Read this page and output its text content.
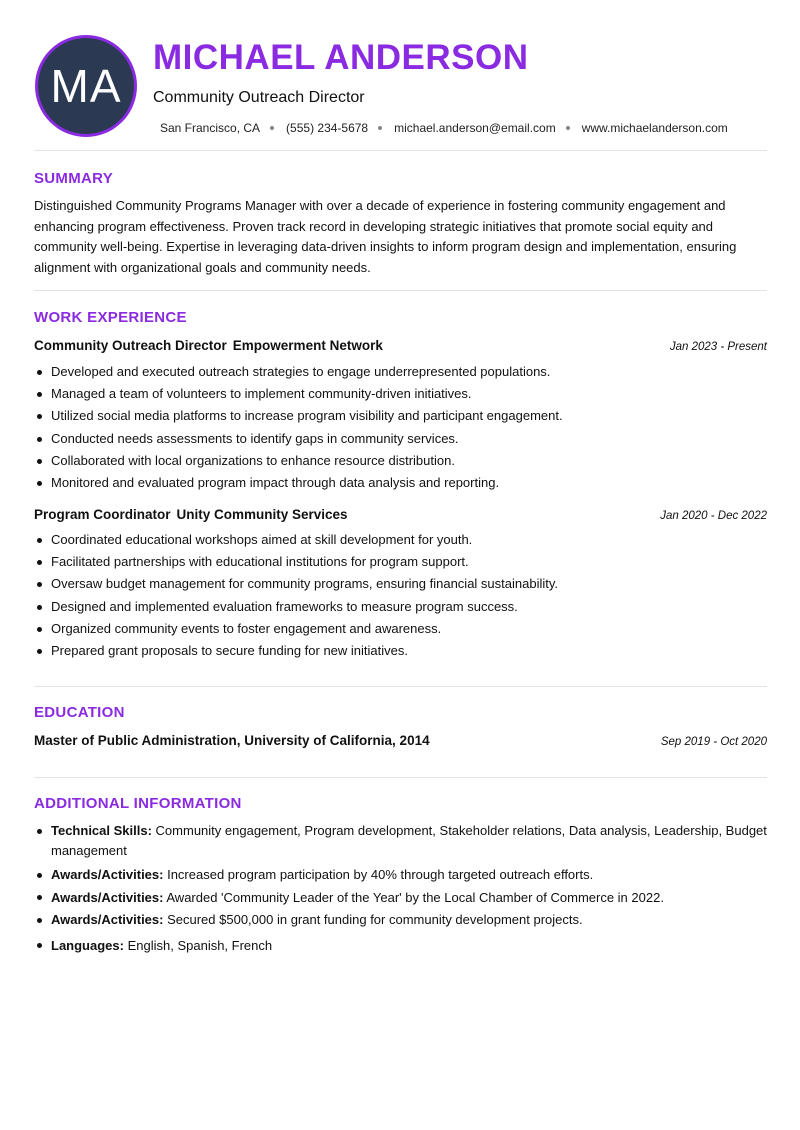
MA
MICHAEL ANDERSON
Community Outreach Director
San Francisco, CA (555) 234-5678 michael.anderson@email.com www.michaelanderson.com
SUMMARY
Distinguished Community Programs Manager with over a decade of experience in fostering community engagement and enhancing program effectiveness. Proven track record in developing strategic initiatives that promote social equity and community well-being. Expertise in leveraging data-driven insights to inform program design and implementation, ensuring alignment with organizational goals and community needs.
WORK EXPERIENCE
Community Outreach Director Empowerment Network	Jan 2023 - Present
Developed and executed outreach strategies to engage underrepresented populations.
Managed a team of volunteers to implement community-driven initiatives.
Utilized social media platforms to increase program visibility and participant engagement.
Conducted needs assessments to identify gaps in community services.
Collaborated with local organizations to enhance resource distribution.
Monitored and evaluated program impact through data analysis and reporting.
Program Coordinator Unity Community Services	Jan 2020 - Dec 2022
Coordinated educational workshops aimed at skill development for youth.
Facilitated partnerships with educational institutions for program support.
Oversaw budget management for community programs, ensuring financial sustainability.
Designed and implemented evaluation frameworks to measure program success.
Organized community events to foster engagement and awareness.
Prepared grant proposals to secure funding for new initiatives.
EDUCATION
Master of Public Administration, University of California, 2014	Sep 2019 - Oct 2020
ADDITIONAL INFORMATION
Technical Skills: Community engagement, Program development, Stakeholder relations, Data analysis, Leadership, Budget management
Awards/Activities: Increased program participation by 40% through targeted outreach efforts.
Awards/Activities: Awarded 'Community Leader of the Year' by the Local Chamber of Commerce in 2022.
Awards/Activities: Secured $500,000 in grant funding for community development projects.
Languages: English, Spanish, French
